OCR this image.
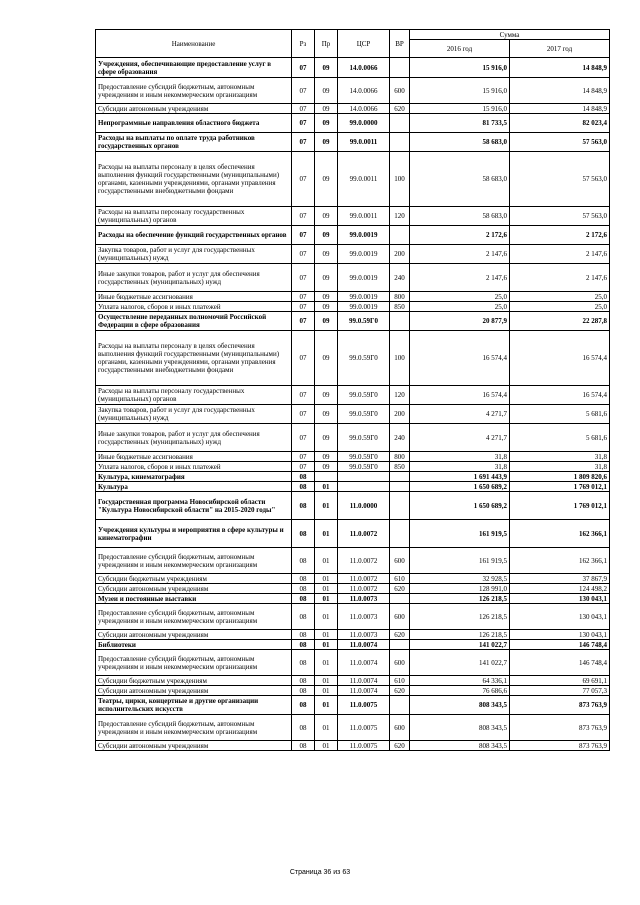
Наименование	Рз	Пр	ЦСР	ВР	Сумма	
					2016 год	2017 год
Учреждения, обеспечивающие предоставление услуг в сфере образования	07	09	14.0.0066		15 916,0	14 848,9
Предоставление субсидий бюджетным, автономным учреждениям и иным некоммерческим организациям	07	09	14.0.0066	600	15 916,0	14 848,9
Субсидии автономным учреждениям	07	09	14.0.0066	620	15 916,0	14 848,9
Непрограммные направления областного бюджета	07	09	99.0.0000		81 733,5	82 023,4
Расходы на выплаты по оплате труда работников государственных органов	07	09	99.0.0011		58 683,0	57 563,0
Расходы на выплаты персоналу в целях обеспечения выполнения функций государственными (муниципальными) органами, казенными учреждениями, органами управления государственными внебюджетными фондами	07	09	99.0.0011	100	58 683,0	57 563,0
Расходы на выплаты персоналу государственных (муниципальных) органов	07	09	99.0.0011	120	58 683,0	57 563,0
Расходы на обеспечение функций государственных органов	07	09	99.0.0019		2 172,6	2 172,6
Закупка товаров, работ и услуг для государственных (муниципальных) нужд	07	09	99.0.0019	200	2 147,6	2 147,6
Иные закупки товаров, работ и услуг для обеспечения государственных (муниципальных) нужд	07	09	99.0.0019	240	2 147,6	2 147,6
Иные бюджетные ассигнования	07	09	99.0.0019	800	25,0	25,0
Уплата налогов, сборов и иных платежей	07	09	99.0.0019	850	25,0	25,0
Осуществление переданных полномочий Российской Федерации в сфере образования	07	09	99.0.59Г0		20 877,9	22 287,8
Расходы на выплаты персоналу в целях обеспечения выполнения функций государственными (муниципальными) органами, казенными учреждениями, органами управления государственными внебюджетными фондами	07	09	99.0.59Г0	100	16 574,4	16 574,4
Расходы на выплаты персоналу государственных (муниципальных) органов	07	09	99.0.59Г0	120	16 574,4	16 574,4
Закупка товаров, работ и услуг для государственных (муниципальных) нужд	07	09	99.0.59Г0	200	4 271,7	5 681,6
Иные закупки товаров, работ и услуг для обеспечения государственных (муниципальных) нужд	07	09	99.0.59Г0	240	4 271,7	5 681,6
Иные бюджетные ассигнования	07	09	99.0.59Г0	800	31,8	31,8
Уплата налогов, сборов и иных платежей	07	09	99.0.59Г0	850	31,8	31,8
Культура, кинематография	08				1 691 443,9	1 809 820,6
Культура	08	01			1 650 689,2	1 769 012,1
Государственная программа Новосибирской области "Культура Новосибирской области" на 2015-2020 годы"	08	01	11.0.0000		1 650 689,2	1 769 012,1
Учреждения культуры и мероприятия в сфере культуры и кинематографии	08	01	11.0.0072		161 919,5	162 366,1
Предоставление субсидий бюджетным, автономным учреждениям и иным некоммерческим организациям	08	01	11.0.0072	600	161 919,5	162 366,1
Субсидии бюджетным учреждениям	08	01	11.0.0072	610	32 928,5	37 867,9
Субсидии автономным учреждениям	08	01	11.0.0072	620	128 991,0	124 498,2
Музеи и постоянные выставки	08	01	11.0.0073		126 218,5	130 043,1
Предоставление субсидий бюджетным, автономным учреждениям и иным некоммерческим организациям	08	01	11.0.0073	600	126 218,5	130 043,1
Субсидии автономным учреждениям	08	01	11.0.0073	620	126 218,5	130 043,1
Библиотеки	08	01	11.0.0074		141 022,7	146 748,4
Предоставление субсидий бюджетным, автономным учреждениям и иным некоммерческим организациям	08	01	11.0.0074	600	141 022,7	146 748,4
Субсидии бюджетным учреждениям	08	01	11.0.0074	610	64 336,1	69 691,1
Субсидии автономным учреждениям	08	01	11.0.0074	620	76 686,6	77 057,3
Театры, цирки, концертные и другие организации исполнительских искусств	08	01	11.0.0075		808 343,5	873 763,9
Предоставление субсидий бюджетным, автономным учреждениям и иным некоммерческим организациям	08	01	11.0.0075	600	808 343,5	873 763,9
Субсидии автономным учреждениям	08	01	11.0.0075	620	808 343,5	873 763,9
Страница 36 из 63
